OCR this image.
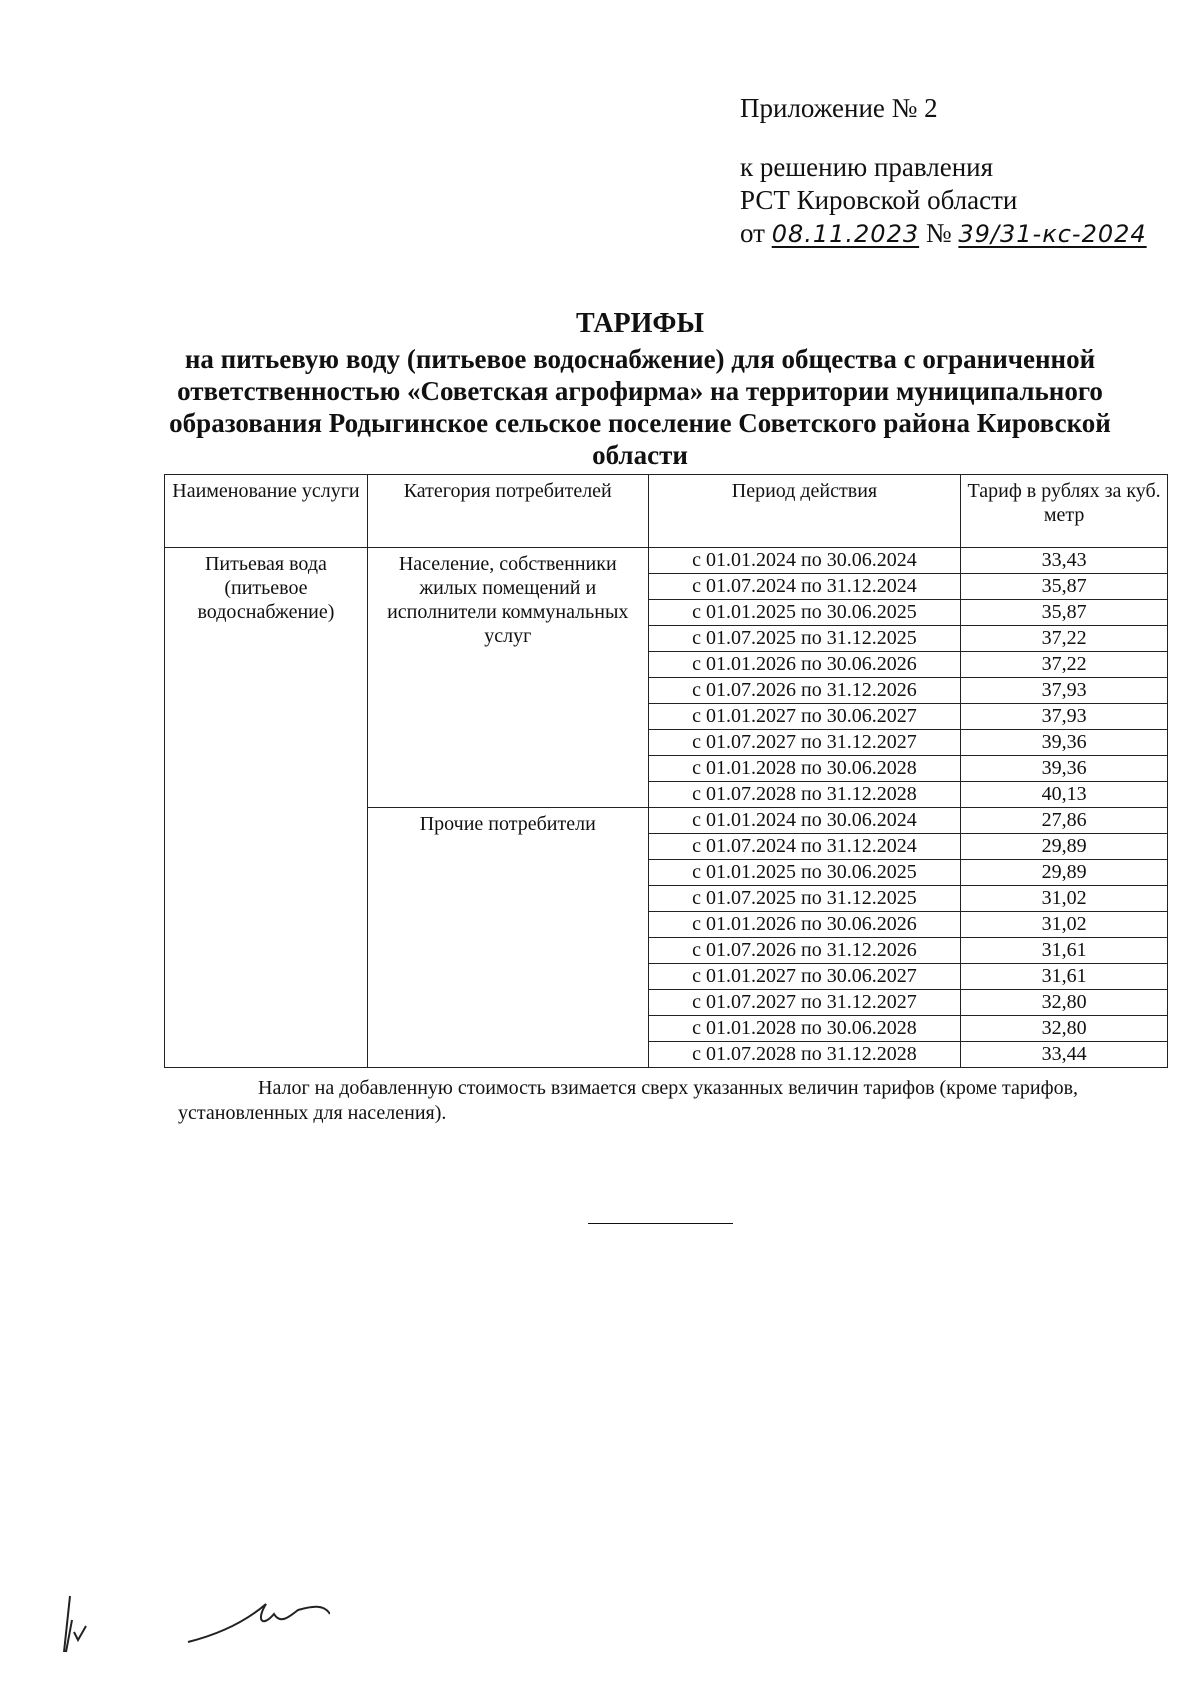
Приложение № 2
к решению правления
РСТ Кировской области
от 08.11.2023 № 39/31-кс-2024
ТАРИФЫ
на питьевую воду (питьевое водоснабжение) для общества с ограниченной ответственностью «Советская агрофирма» на территории муниципального образования Родыгинское сельское поселение Советского района Кировской области
Наименование услуги	Категория потребителей	Период действия	Тариф в рублях за куб. метр
Питьевая вода (питьевое водоснабжение)	Население, собственники жилых помещений и исполнители коммунальных услуг	с 01.01.2024 по 30.06.2024	33,43
		с 01.07.2024 по 31.12.2024	35,87
		с 01.01.2025 по 30.06.2025	35,87
		с 01.07.2025 по 31.12.2025	37,22
		с 01.01.2026 по 30.06.2026	37,22
		с 01.07.2026 по 31.12.2026	37,93
		с 01.01.2027 по 30.06.2027	37,93
		с 01.07.2027 по 31.12.2027	39,36
		с 01.01.2028 по 30.06.2028	39,36
		с 01.07.2028 по 31.12.2028	40,13
	Прочие потребители	с 01.01.2024 по 30.06.2024	27,86
		с 01.07.2024 по 31.12.2024	29,89
		с 01.01.2025 по 30.06.2025	29,89
		с 01.07.2025 по 31.12.2025	31,02
		с 01.01.2026 по 30.06.2026	31,02
		с 01.07.2026 по 31.12.2026	31,61
		с 01.01.2027 по 30.06.2027	31,61
		с 01.07.2027 по 31.12.2027	32,80
		с 01.01.2028 по 30.06.2028	32,80
		с 01.07.2028 по 31.12.2028	33,44
Налог на добавленную стоимость взимается сверх указанных величин тарифов (кроме тарифов, установленных для населения).
